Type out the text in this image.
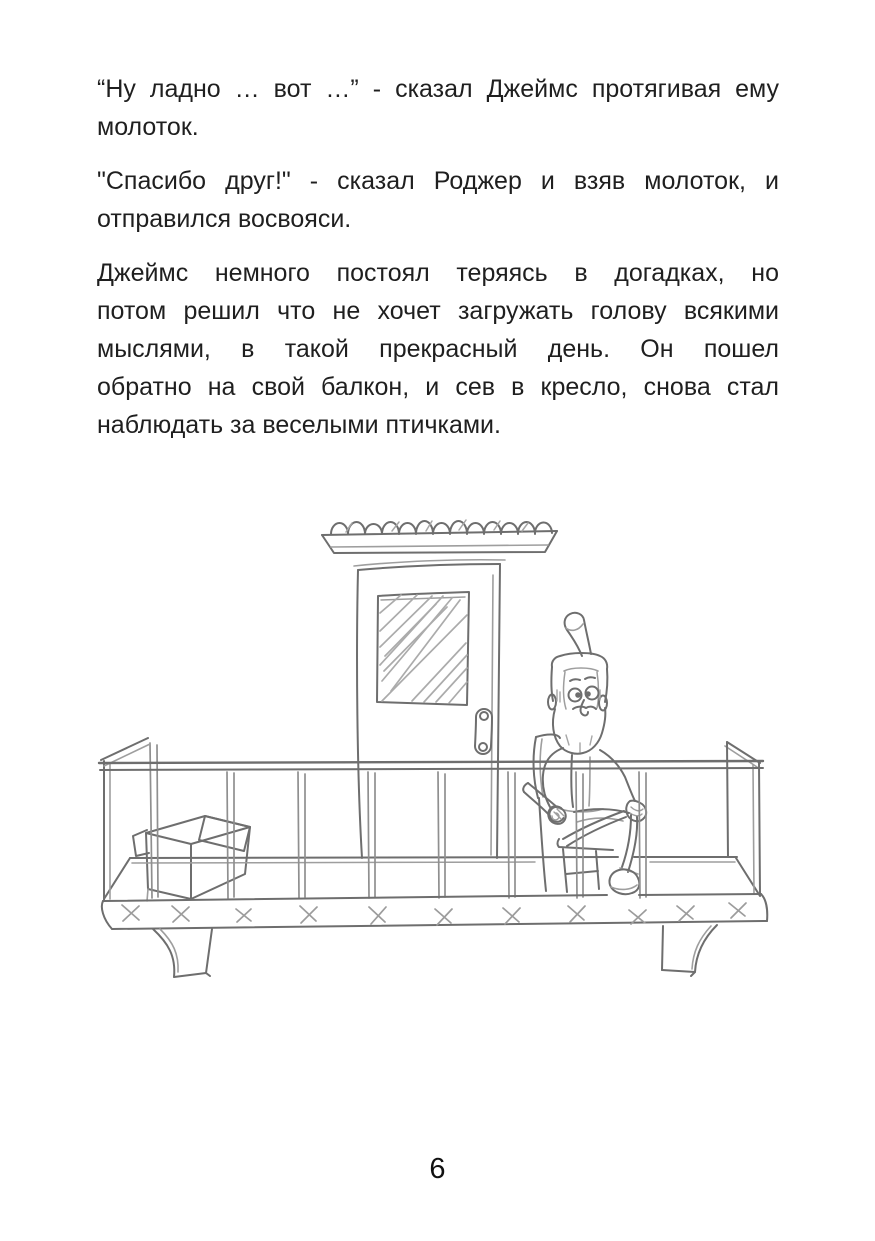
“Ну ладно … вот …” - сказал Джеймс протягивая ему
молоток.

"Спасибо друг!" - сказал Роджер и взяв молоток, и
отправился восвояси.

Джеймс немного постоял теряясь в догадках, но
потом решил что не хочет загружать голову всякими
мыслями, в такой прекрасный день. Он пошел
обратно на свой балкон, и сев в кресло, снова стал
наблюдать за веселыми птичками.

6
